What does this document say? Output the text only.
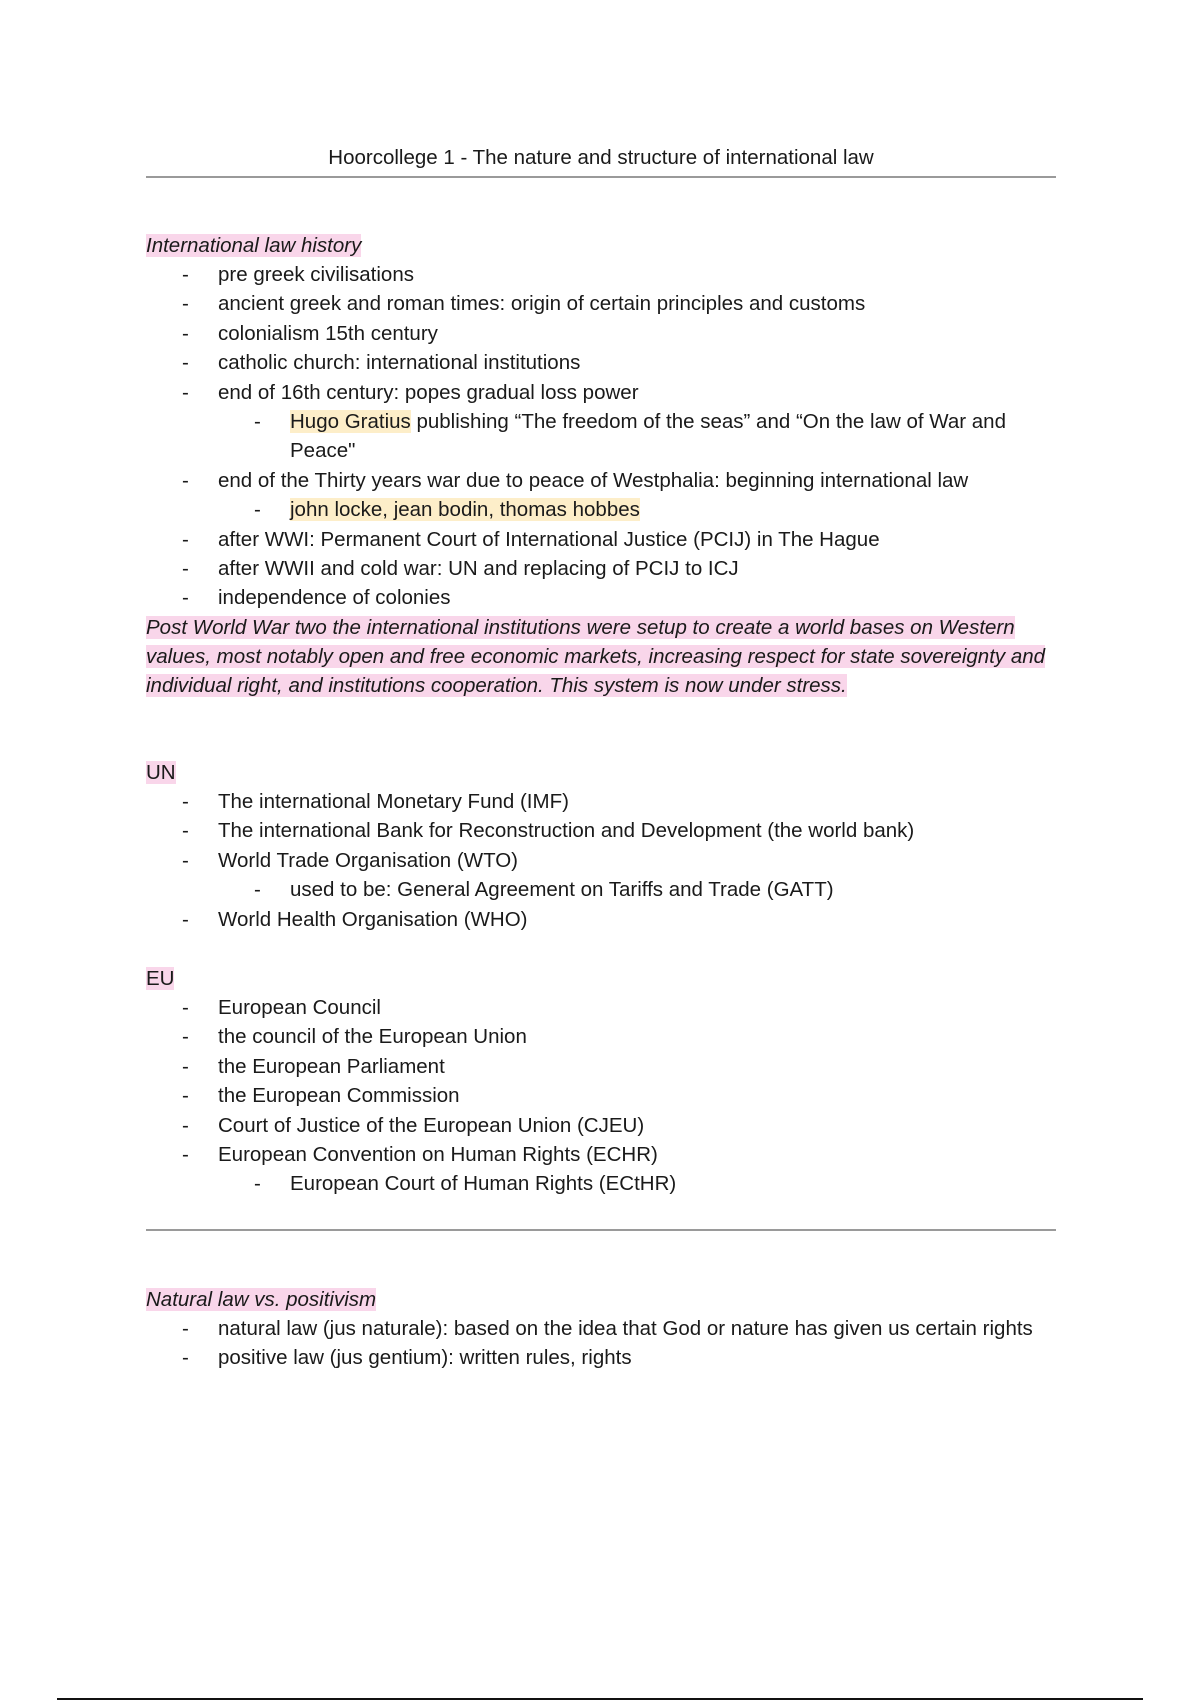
Hoorcollege 1 - The nature and structure of international law
International law history
- pre greek civilisations
- ancient greek and roman times: origin of certain principles and customs
- colonialism 15th century
- catholic church: international institutions
- end of 16th century: popes gradual loss power
- Hugo Gratius publishing “The freedom of the seas” and “On the law of War and Peace"
- end of the Thirty years war due to peace of Westphalia: beginning international law
- john locke, jean bodin, thomas hobbes
- after WWI: Permanent Court of International Justice (PCIJ) in The Hague
- after WWII and cold war: UN and replacing of PCIJ to ICJ
- independence of colonies
Post World War two the international institutions were setup to create a world bases on Western values, most notably open and free economic markets, increasing respect for state sovereignty and individual right, and institutions cooperation. This system is now under stress.
UN
- The international Monetary Fund (IMF)
- The international Bank for Reconstruction and Development (the world bank)
- World Trade Organisation (WTO)
- used to be: General Agreement on Tariffs and Trade (GATT)
- World Health Organisation (WHO)
EU
- European Council
- the council of the European Union
- the European Parliament
- the European Commission
- Court of Justice of the European Union (CJEU)
- European Convention on Human Rights (ECHR)
- European Court of Human Rights (ECtHR)
Natural law vs. positivism
- natural law (jus naturale): based on the idea that God or nature has given us certain rights
- positive law (jus gentium): written rules, rights
